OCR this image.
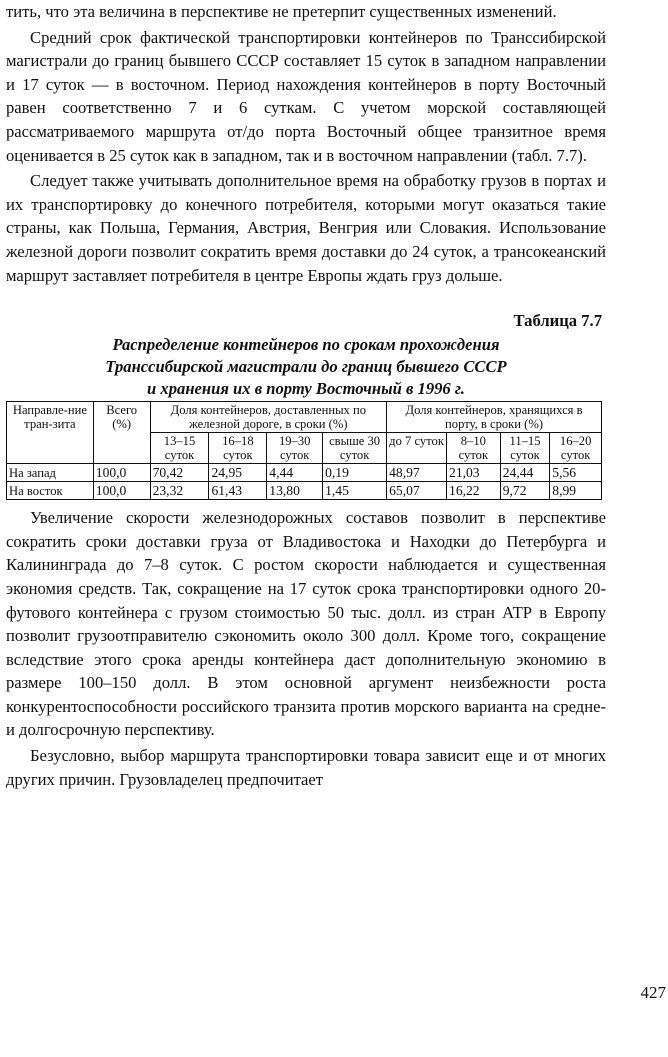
тить, что эта величина в перспективе не претерпит существенных изменений.

Средний срок фактической транспортировки контейнеров по Транссибирской магистрали до границ бывшего СССР составляет 15 суток в западном направлении и 17 суток — в восточном. Период нахождения контейнеров в порту Восточный равен соответственно 7 и 6 суткам. С учетом морской составляющей рассматриваемого маршрута от/до порта Восточный общее транзитное время оценивается в 25 суток как в западном, так и в восточном направлении (табл. 7.7).

Следует также учитывать дополнительное время на обработку грузов в портах и их транспортировку до конечного потребителя, которыми могут оказаться такие страны, как Польша, Германия, Австрия, Венгрия или Словакия. Использование железной дороги позволит сократить время доставки до 24 суток, а трансокеанский маршрут заставляет потребителя в центре Европы ждать груз дольше.

Таблица 7.7
Распределение контейнеров по срокам прохождения
Транссибирской магистрали до границ бывшего СССР
и хранения их в порту Восточный в 1996 г.
Направле-ние тран-зита	Всего (%)	Доля контейнеров, доставленных по железной дороге, в сроки (%)				Доля контейнеров, хранящихся в порту, в сроки (%)			
		13–15 суток	16–18 суток	19–30 суток	свыше 30 суток	до 7 суток	8–10 суток	11–15 суток	16–20 суток
На запад	100,0	70,42	24,95	4,44	0,19	48,97	21,03	24,44	5,56
На восток	100,0	23,32	61,43	13,80	1,45	65,07	16,22	9,72	8,99

Увеличение скорости железнодорожных составов позволит в перспективе сократить сроки доставки груза от Владивостока и Находки до Петербурга и Калининграда до 7–8 суток. С ростом скорости наблюдается и существенная экономия средств. Так, сокращение на 17 суток срока транспортировки одного 20-футового контейнера с грузом стоимостью 50 тыс. долл. из стран АТР в Европу позволит грузоотправителю сэкономить около 300 долл. Кроме того, сокращение вследствие этого срока аренды контейнера даст дополнительную экономию в размере 100–150 долл. В этом основной аргумент неизбежности роста конкурентоспособности российского транзита против морского варианта на средне- и долгосрочную перспективу.

Безусловно, выбор маршрута транспортировки товара зависит еще и от многих других причин. Грузовладелец предпочитает

427
